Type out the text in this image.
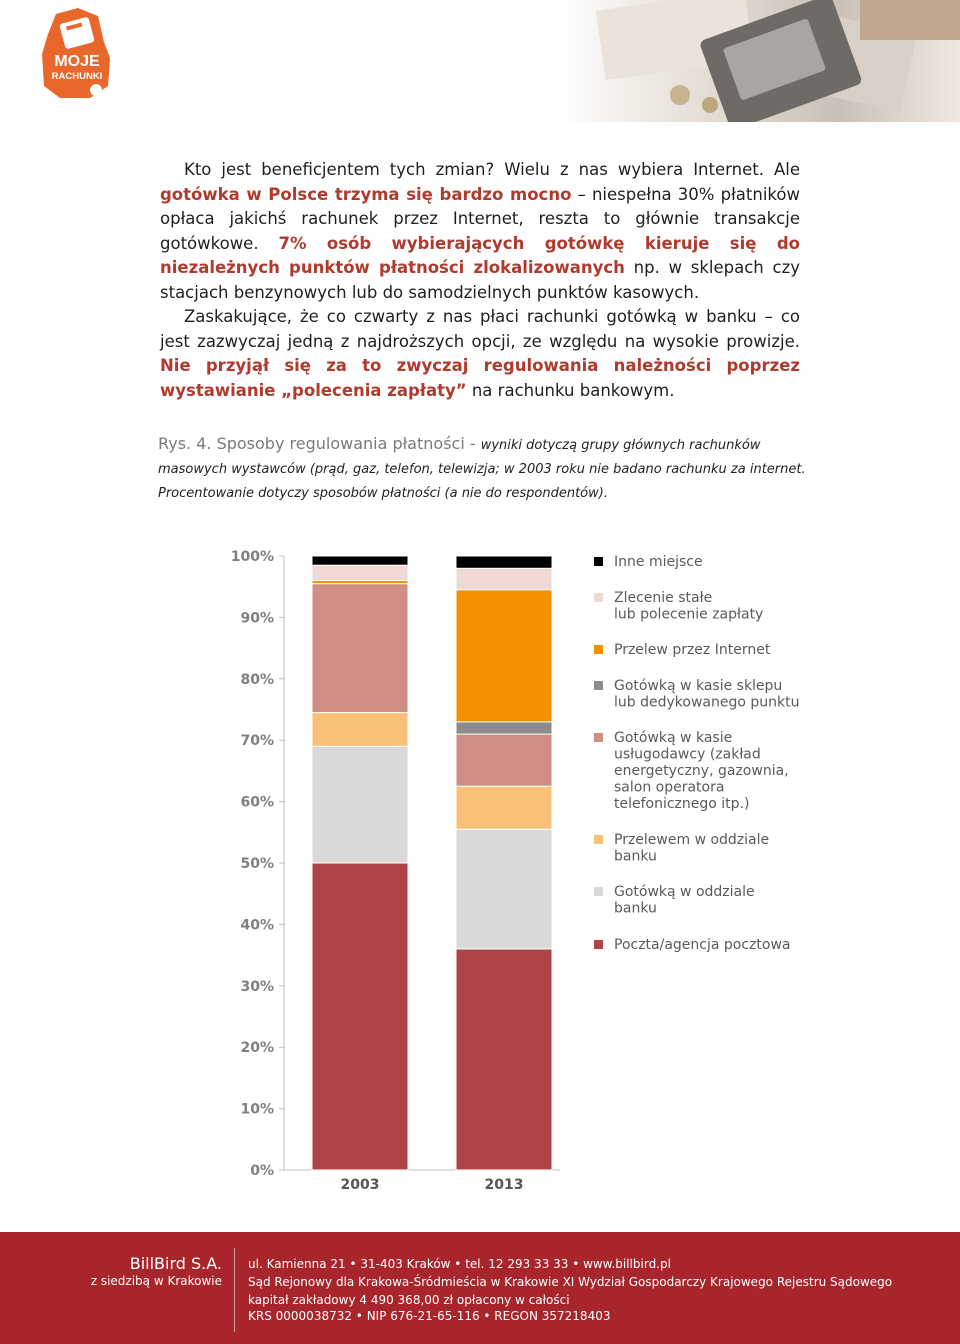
MOJE
RACHUNKI

Kto jest beneficjentem tych zmian? Wielu z nas wybiera Internet. Ale gotówka w Polsce trzyma się bardzo mocno – niespełna 30% płatników opłaca jakichś rachunek przez Internet, reszta to głównie transakcje gotówkowe. 7% osób wybierających gotówkę kieruje się do niezależnych punktów płatności zlokalizowanych np. w sklepach czy stacjach benzynowych lub do samodzielnych punktów kasowych.

Zaskakujące, że co czwarty z nas płaci rachunki gotówką w banku – co jest zazwyczaj jedną z najdroższych opcji, ze względu na wysokie prowizje. Nie przyjął się za to zwyczaj regulowania należności poprzez wystawianie „polecenia zapłaty” na rachunku bankowym.

Rys. 4. Sposoby regulowania płatności - wyniki dotyczą grupy głównych rachunków masowych wystawców (prąd, gaz, telefon, telewizja; w 2003 roku nie badano rachunku za internet. Procentowanie dotyczy sposobów płatności (a nie do respondentów).
0%
10%
20%
30%
40%
50%
60%
70%
80%
90%
100%
2003	2013
Inne miejsce
Zlecenie stałe lub polecenie zapłaty
Przelew przez Internet
Gotówką w kasie sklepu lub dedykowanego punktu
Gotówką w kasie usługodawcy (zakład energetyczny, gazownia, salon operatora telefonicznego itp.)
Przelewem w oddziale banku
Gotówką w oddziale banku
Poczta/agencja pocztowa
BillBird S.A.
z siedzibą w Krakowie
ul. Kamienna 21 • 31-403 Kraków • tel. 12 293 33 33 • www.billbird.pl
Sąd Rejonowy dla Krakowa-Śródmieścia w Krakowie XI Wydział Gospodarczy Krajowego Rejestru Sądowego
kapitał zakładowy 4 490 368,00 zł opłacony w całości
KRS 0000038732 • NIP 676-21-65-116 • REGON 357218403
